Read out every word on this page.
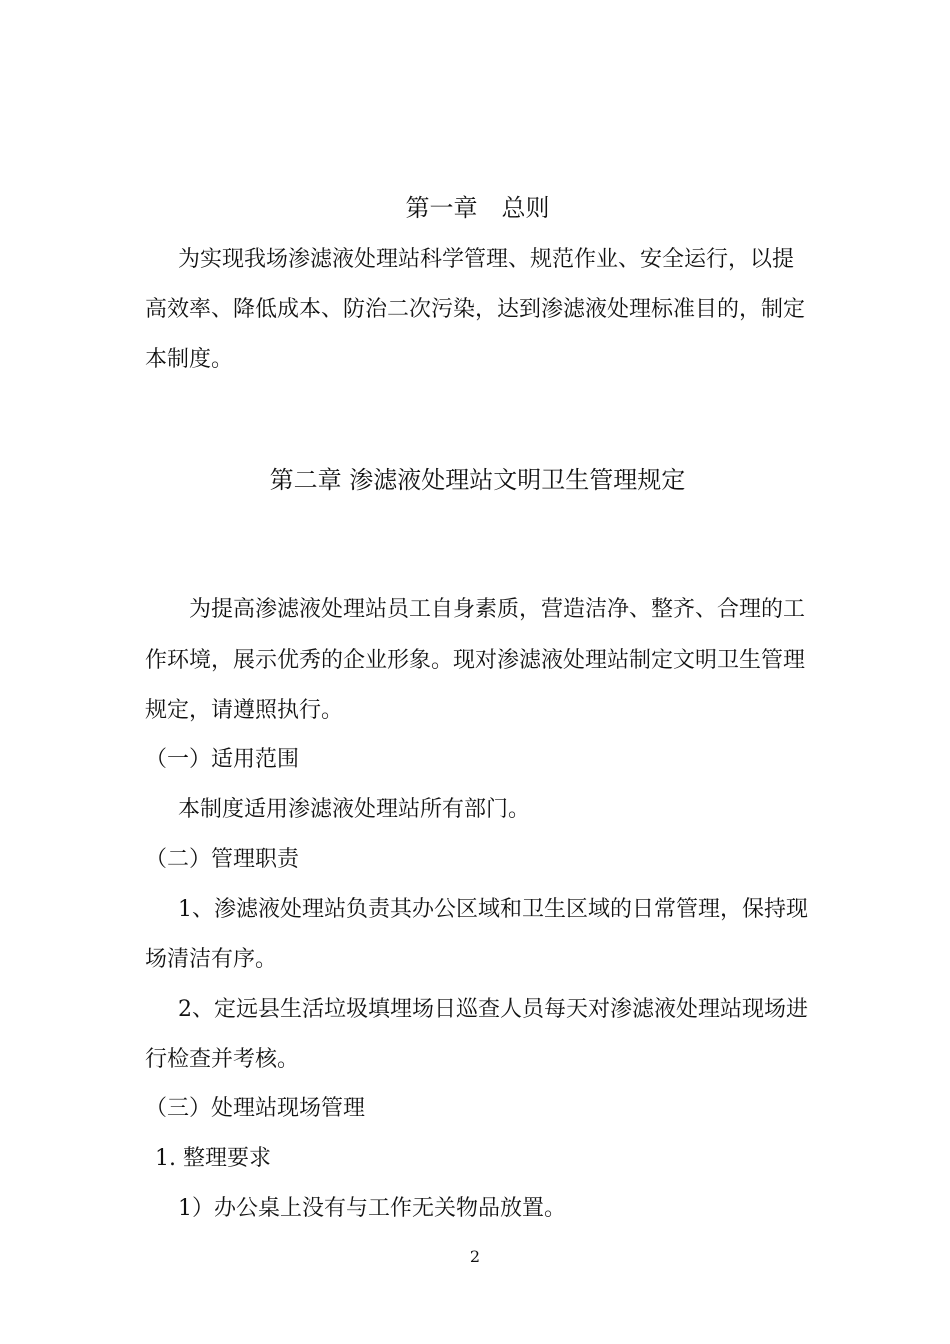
第一章　总则
为实现我场渗滤液处理站科学管理、规范作业、安全运行，以提
高效率、降低成本、防治二次污染，达到渗滤液处理标准目的，制定
本制度。
第二章 渗滤液处理站文明卫生管理规定
为提高渗滤液处理站员工自身素质，营造洁净、整齐、合理的工
作环境，展示优秀的企业形象。现对渗滤液处理站制定文明卫生管理
规定，请遵照执行。
（一）适用范围
本制度适用渗滤液处理站所有部门。
（二）管理职责
1、渗滤液处理站负责其办公区域和卫生区域的日常管理，保持现
场清洁有序。
2、定远县生活垃圾填埋场日巡查人员每天对渗滤液处理站现场进
行检查并考核。
（三）处理站现场管理
1. 整理要求
1）办公桌上没有与工作无关物品放置。
2
